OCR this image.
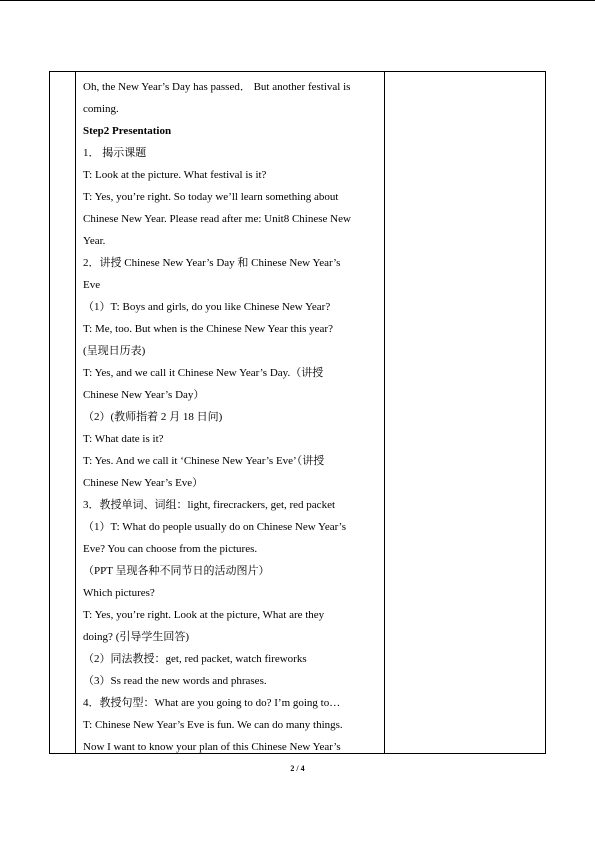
Oh, the New Year’s Day has passed． But another festival is
coming.
Step2 Presentation
1． 揭示课题
T: Look at the picture. What festival is it?
T: Yes, you’re right. So today we’ll learn something about
Chinese New Year. Please read after me: Unit8 Chinese New
Year.
2．讲授 Chinese New Year’s Day 和 Chinese New Year’s
Eve
（1）T: Boys and girls, do you like Chinese New Year?
T: Me, too. But when is the Chinese New Year this year?
(呈现日历表)
T: Yes, and we call it Chinese New Year’s Day.（讲授
Chinese New Year’s Day）
（2）(教师指着 2 月 18 日问)
T: What date is it?
T: Yes. And we call it ‘Chinese New Year’s Eve’（讲授
Chinese New Year’s Eve）
3．教授单词、词组：light, firecrackers, get, red packet
（1）T: What do people usually do on Chinese New Year’s
Eve? You can choose from the pictures.
（PPT 呈现各种不同节日的活动图片）
Which pictures?
T: Yes, you’re right. Look at the picture, What are they
doing? (引导学生回答)
（2）同法教授：get, red packet, watch fireworks
（3）Ss read the new words and phrases.
4．教授句型：What are you going to do? I’m going to…
T: Chinese New Year’s Eve is fun. We can do many things.
Now I want to know your plan of this Chinese New Year’s
2 / 4
